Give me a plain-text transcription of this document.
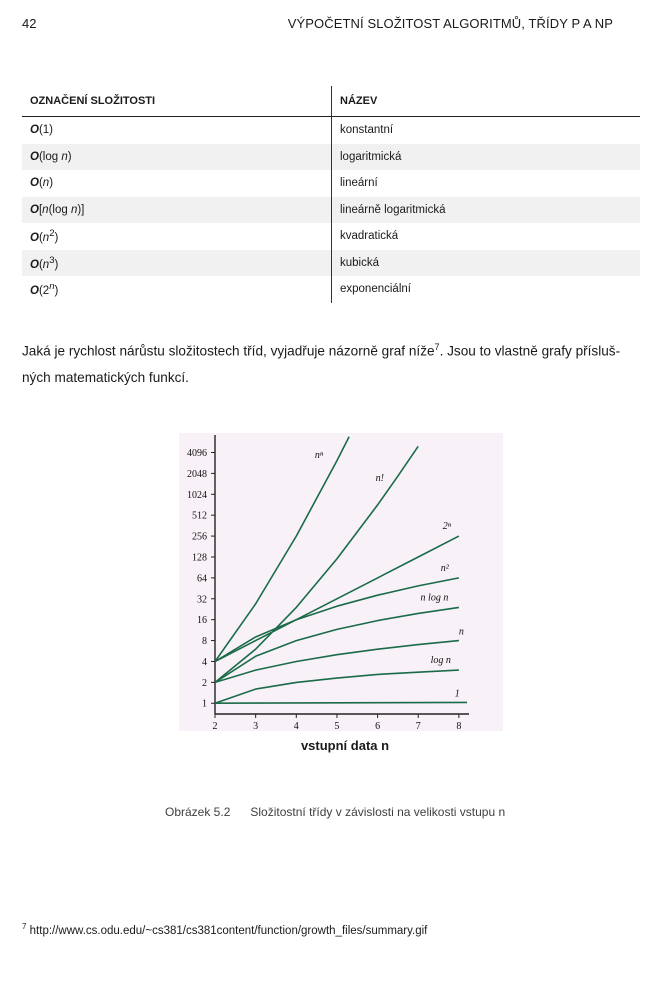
42	VÝPOČETNÍ SLOŽITOST ALGORITMŮ, TŘÍDY P A NP
OZNAČENÍ SLOŽITOSTI	NÁZEV
O(1)	konstantní
O(log n)	logaritmická
O(n)	lineární
O[n(log n)]	lineárně logaritmická
$O(n^2)$	kvadratická
$O(n^3)$	kubická
O(2$^n$)	exponenciální

Jaká je rychlost nárůstu složitostech tříd, vyjadřuje názorně graf níže$^7$. Jsou to vlastně grafy přísluš-ných matematických funkcí.

1
2
4
8
16
32
64
128
256
512
1024
2048
4096
2	3	4	5	6	7	8
1
log n
n
n log n
n²
2ⁿ
n!
nⁿ
vstupní data n
Obrázek 5.2 Složitostní třídy v závislosti na velikosti vstupu n
$^7$ http://www.cs.odu.edu/~cs381/cs381content/function/growth_files/summary.gif
